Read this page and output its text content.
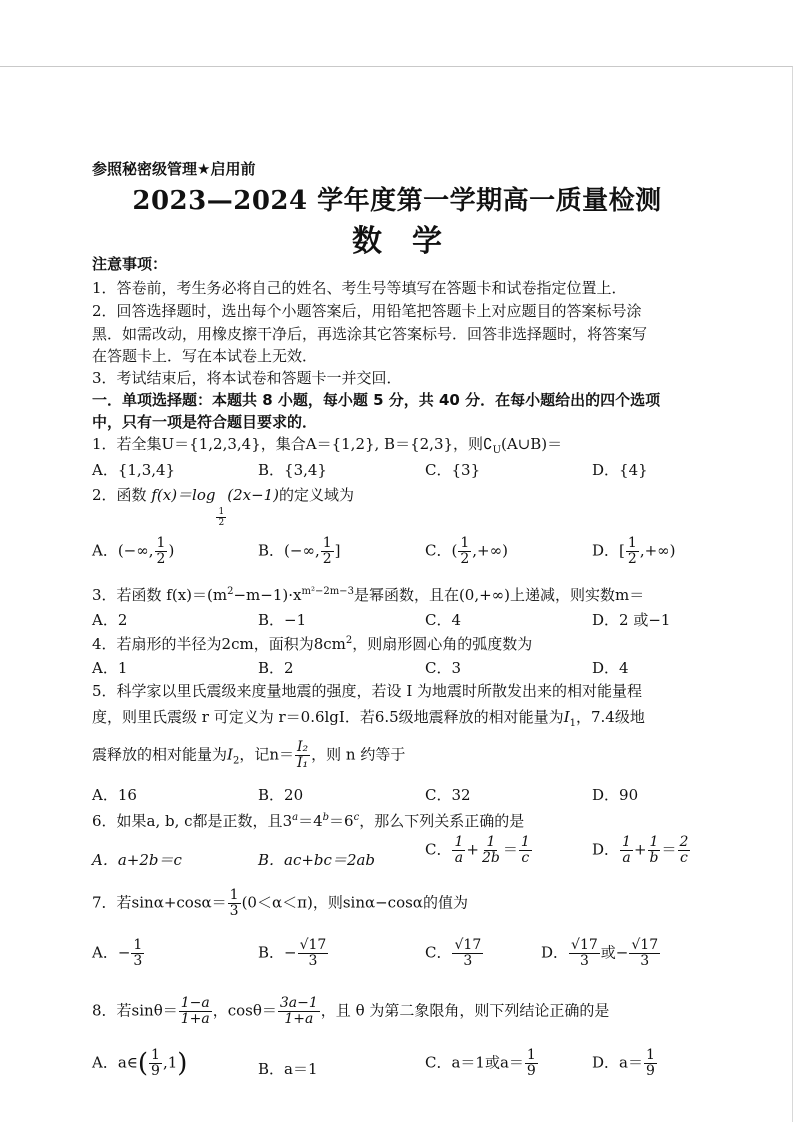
参照秘密级管理★启用前
2023—2024 学年度第一学期高一质量检测
数学
注意事项：
1．答卷前，考生务必将自己的姓名、考生号等填写在答题卡和试卷指定位置上．
2．回答选择题时，选出每个小题答案后，用铅笔把答题卡上对应题目的答案标号涂
黑．如需改动，用橡皮擦干净后，再选涂其它答案标号．回答非选择题时，将答案写
在答题卡上．写在本试卷上无效．
3．考试结束后，将本试卷和答题卡一并交回．
一．单项选择题：本题共 8 小题，每小题 5 分，共 40 分．在每小题给出的四个选项
中，只有一项是符合题目要求的．
1．若全集U＝{1,2,3,4}，集合A＝{1,2}, B＝{2,3}，则$∁_U(A\cup B)=$
A．{1,3,4}	B．{3,4}	C．{3}	D．{4}
2．函数 f(x)＝log
$\frac{1}{2}$
(2x−1)的定义域为
A．(−∞, $\frac{1}{2}$ )	B．(−∞, $\frac{1}{2}$ ]	C．( $\frac{1}{2}$ ,+∞)	D．[ $\frac{1}{2}$ ,+∞)
3．若函数 $f(x)=(m^2-m-1)\cdot x^{m^2-2m-3}$是幂函数，且在(0,+∞)上递减，则实数m＝
A．2	B．−1	C．4	D．2 或−1
4．若扇形的半径为2cm，面积为$8cm^2$，则扇形圆心角的弧度数为
A．1	B．2	C．3	D．4
5．科学家以里氏震级来度量地震的强度，若设 I 为地震时所散发出来的相对能量程
度，则里氏震级 r 可定义为 r＝0.6lgI．若6.5级地震释放的相对能量为$I_1$，7.4级地
震释放的相对能量为$I_2$，记$n= \frac{\text{I₂}}{\text{I₁}}$ ，则 n 约等于
A．16	B．20	C．32	D．90
6．如果a, b, c都是正数，且$3^a=4^b=6^c$，那么下列关系正确的是
A．a+2b＝c	B．ac+bc＝2ab
C． $\frac{1}{a} + \frac{1}{2b} = \frac{1}{c}$	D． $\frac{1}{a} + \frac{1}{b} = \frac{2}{c}$
7．若$\sin\alpha+\cos\alpha= \frac{1}{3} (0<\alpha<\pi)$，则sinα−cosα的值为
A．− $\frac{1}{3}$	B．− $\frac{√17}{3}$	C． $\frac{√17}{3}$	D． $\frac{√17}{3}$ 或− $\frac{√17}{3}$
8．若$\sin\theta= \frac{1-a}{1+a}$ ，$\cos\theta= \frac{3a-1}{1+a}$ ，且 θ 为第二象限角，则下列结论正确的是
A．a∈( $\frac{1}{9} ,1$)	B．a＝1	C．a＝1或$a= \frac{1}{9}$	D．$a= \frac{1}{9}$
